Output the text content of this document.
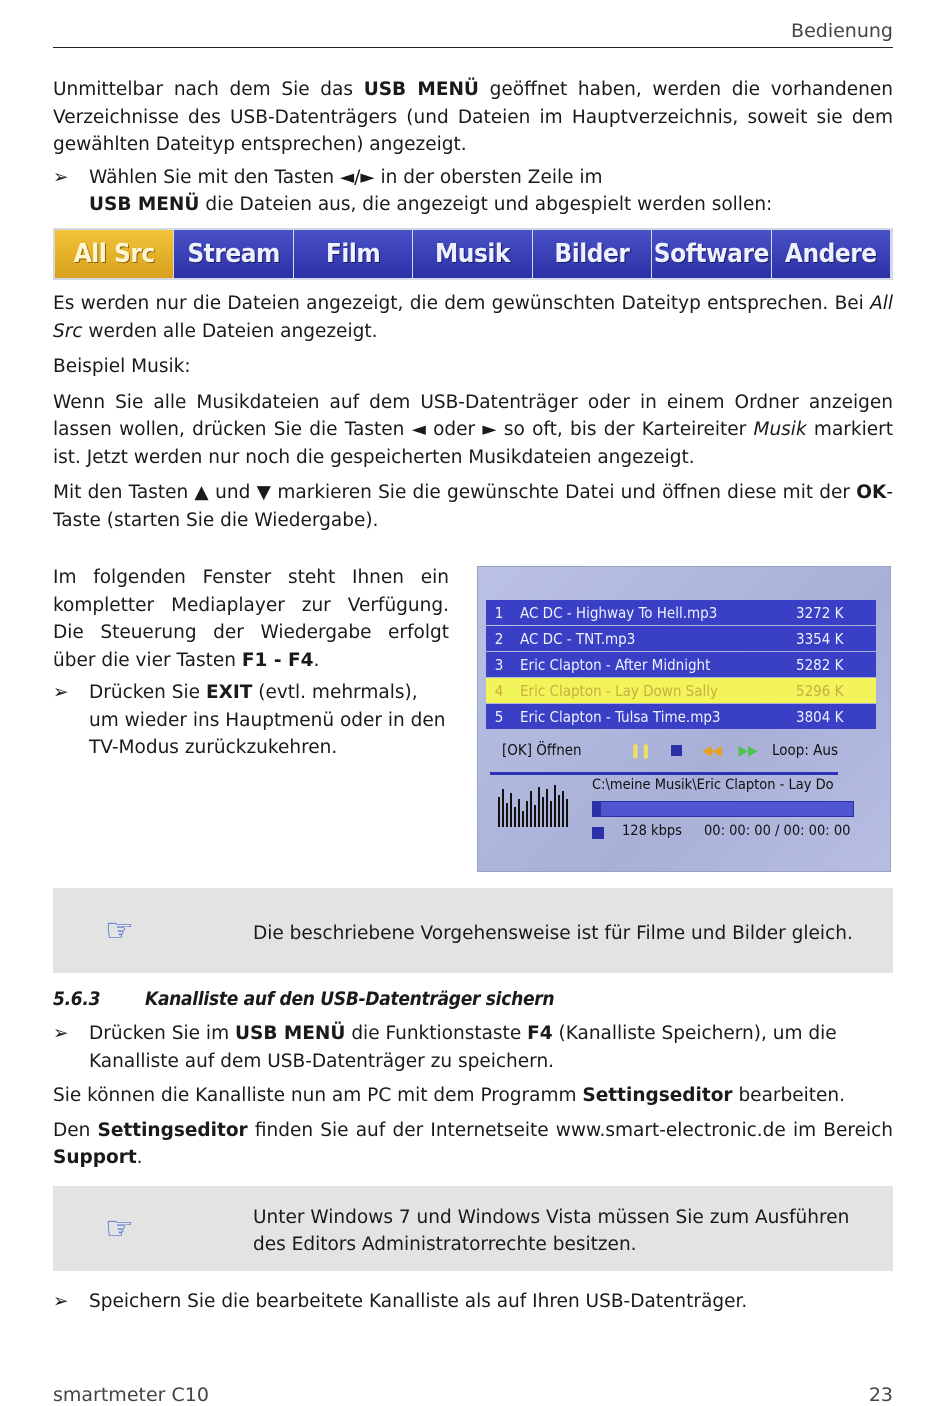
Bedienung

Unmittelbar nach dem Sie das USB MENÜ geöffnet haben, werden die vorhandenen Verzeichnisse des USB-Datenträgers (und Dateien im Hauptverzeichnis, soweit sie dem gewählten Dateityp entsprechen) angezeigt.

➢ Wählen Sie mit den Tasten ◄/► in der obersten Zeile im
USB MENÜ die Dateien aus, die angezeigt und abgespielt werden sollen:
All Src	Stream	Film	Musik	Bilder Software Andere

Es werden nur die Dateien angezeigt, die dem gewünschten Dateityp entsprechen. Bei All Src werden alle Dateien angezeigt.

Beispiel Musik:

Wenn Sie alle Musikdateien auf dem USB-Datenträger oder in einem Ordner anzeigen lassen wollen, drücken Sie die Tasten ◄ oder ► so oft, bis der Karteireiter Musik markiert ist. Jetzt werden nur noch die gespeicherten Musikdateien angezeigt.

Mit den Tasten ▲ und ▼ markieren Sie die gewünschte Datei und öffnen diese mit der OK-Taste (starten Sie die Wiedergabe).

Im folgenden Fenster steht Ihnen ein kompletter Mediaplayer zur Verfügung. Die Steuerung der Wiedergabe erfolgt über die vier Tasten F1 - F4.

➢ Drücken Sie EXIT (evtl. mehrmals), um wieder ins Hauptmenü oder in den TV-Modus zurückzukehren.
1	AC DC - Highway To Hell.mp3	3272 K
2	AC DC - TNT.mp3	3354 K
3	Eric Clapton - After Midnight	5282 K
4	Eric Clapton - Lay Down Sally	5296 K
5	Eric Clapton - Tulsa Time.mp3	3804 K
[OK] Öffnen	❚❚	◀◀ ▶▶ Loop: Aus
C:\meine Musik\Eric Clapton - Lay Do
128 kbps 00: 00: 00 / 00: 00: 00
☞	Die beschriebene Vorgehensweise ist für Filme und Bilder gleich.

5.6.3 Kanalliste auf den USB-Datenträger sichern
➢ Drücken Sie im USB MENÜ die Funktionstaste F4 (Kanalliste Speichern), um die Kanalliste auf dem USB-Datenträger zu speichern.

Sie können die Kanalliste nun am PC mit dem Programm Settingseditor bearbeiten.

Den Settingseditor finden Sie auf der Internetseite www.smart-electronic.de im Bereich Support.

☞	Unter Windows 7 und Windows Vista müssen Sie zum Ausführen des Editors Administratorrechte besitzen.

➢ Speichern Sie die bearbeitete Kanalliste als auf Ihren USB-Datenträger.
smartmeter C10	23
